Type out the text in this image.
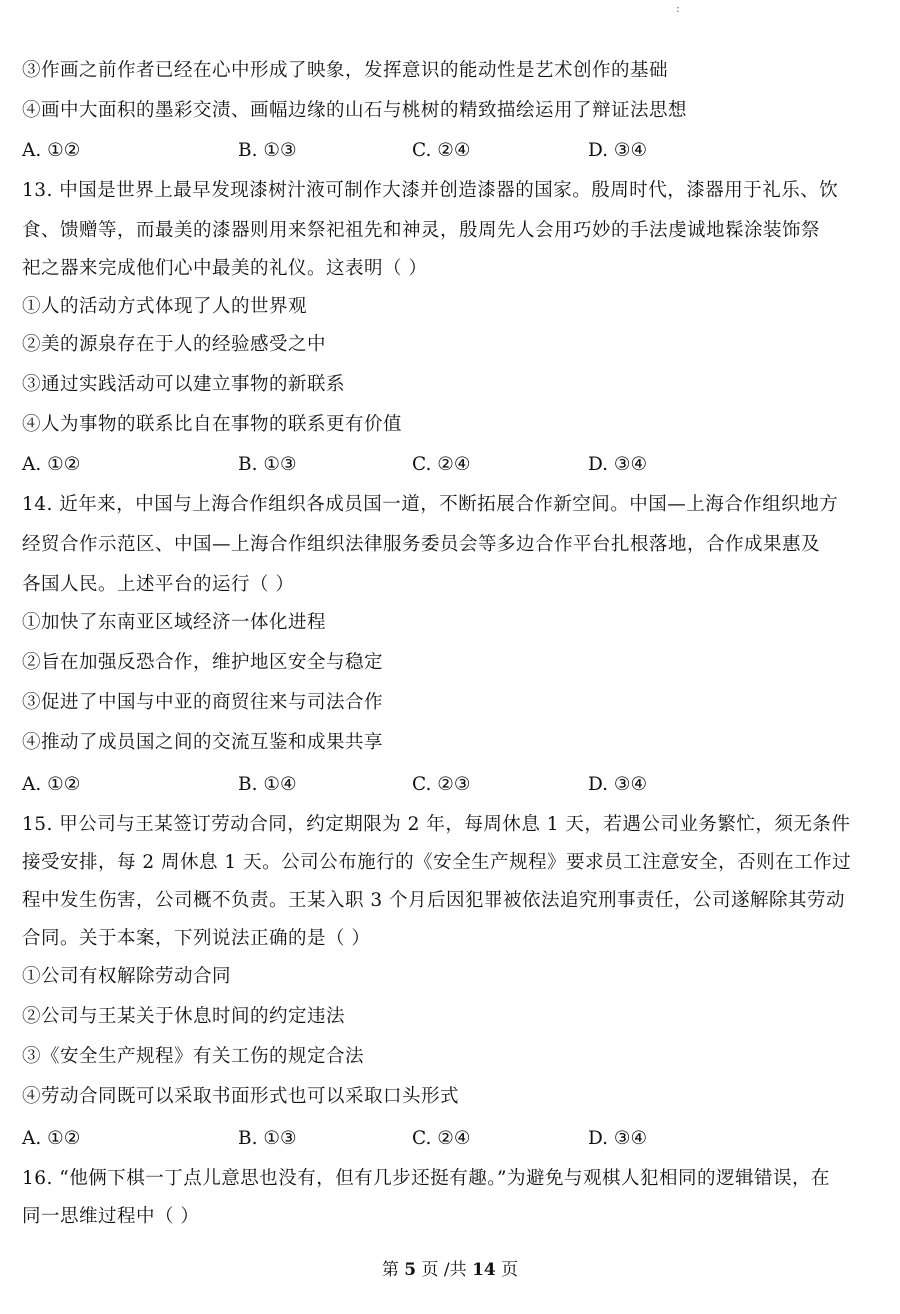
:
③作画之前作者已经在心中形成了映象，发挥意识的能动性是艺术创作的基础
④画中大面积的墨彩交渍、画幅边缘的山石与桃树的精致描绘运用了辩证法思想
A. ①②	B. ①③	C. ②④	D. ③④
13. 中国是世界上最早发现漆树汁液可制作大漆并创造漆器的国家。殷周时代，漆器用于礼乐、饮
食、馈赠等，而最美的漆器则用来祭祀祖先和神灵，殷周先人会用巧妙的手法虔诚地髹涂装饰祭
祀之器来完成他们心中最美的礼仪。这表明（ ）
①人的活动方式体现了人的世界观
②美的源泉存在于人的经验感受之中
③通过实践活动可以建立事物的新联系
④人为事物的联系比自在事物的联系更有价值
A. ①②	B. ①③	C. ②④	D. ③④
14. 近年来，中国与上海合作组织各成员国一道，不断拓展合作新空间。中国—上海合作组织地方
经贸合作示范区、中国—上海合作组织法律服务委员会等多边合作平台扎根落地，合作成果惠及
各国人民。上述平台的运行（ ）
①加快了东南亚区域经济一体化进程
②旨在加强反恐合作，维护地区安全与稳定
③促进了中国与中亚的商贸往来与司法合作
④推动了成员国之间的交流互鉴和成果共享
A. ①②	B. ①④	C. ②③	D. ③④
15. 甲公司与王某签订劳动合同，约定期限为 2 年，每周休息 1 天，若遇公司业务繁忙，须无条件
接受安排，每 2 周休息 1 天。公司公布施行的《安全生产规程》要求员工注意安全，否则在工作过
程中发生伤害，公司概不负责。王某入职 3 个月后因犯罪被依法追究刑事责任，公司遂解除其劳动
合同。关于本案，下列说法正确的是（ ）
①公司有权解除劳动合同
②公司与王某关于休息时间的约定违法
③《安全生产规程》有关工伤的规定合法
④劳动合同既可以采取书面形式也可以采取口头形式
A. ①②	B. ①③	C. ②④	D. ③④
16. “他俩下棋一丁点儿意思也没有，但有几步还挺有趣。”为避免与观棋人犯相同的逻辑错误，在
同一思维过程中（ ）
第 5 页 /共 14 页
